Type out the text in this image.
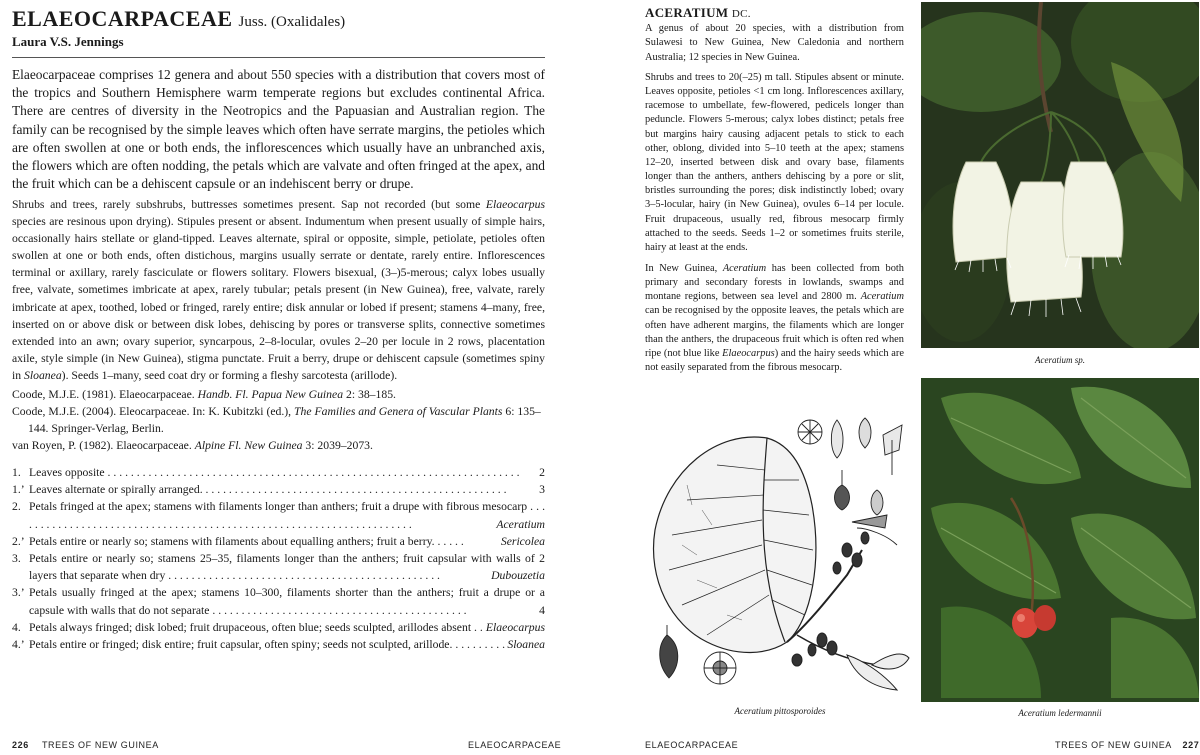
ELAEOCARPACEAE Juss. (Oxalidales)
Laura V.S. Jennings
Elaeocarpaceae comprises 12 genera and about 550 species with a distribution that covers most of the tropics and Southern Hemisphere warm temperate regions but excludes continental Africa. There are centres of diversity in the Neotropics and the Papuasian and Australian region. The family can be recognised by the simple leaves which often have serrate margins, the petioles which are often swollen at one or both ends, the inflorescences which usually have an unbranched axis, the flowers which are often nodding, the petals which are valvate and often fringed at the apex, and the fruit which can be a dehiscent capsule or an indehiscent berry or drupe.
Shrubs and trees, rarely subshrubs, buttresses sometimes present. Sap not recorded (but some Elaeocarpus species are resinous upon drying). Stipules present or absent. Indumentum when present usually of simple hairs, occasionally hairs stellate or gland-tipped. Leaves alternate, spiral or opposite, simple, petiolate, petioles often swollen at one or both ends, often distichous, margins usually serrate or dentate, rarely entire. Inflorescences terminal or axillary, rarely fasciculate or flowers solitary. Flowers bisexual, (3–)5-merous; calyx lobes usually free, valvate, sometimes imbricate at apex, rarely tubular; petals present (in New Guinea), free, valvate, rarely imbricate at apex, toothed, lobed or fringed, rarely entire; disk annular or lobed if present; stamens 4–many, free, inserted on or above disk or between disk lobes, dehiscing by pores or transverse splits, connective sometimes extended into an awn; ovary superior, syncarpous, 2–8-locular, ovules 2–20 per locule in 2 rows, placentation axile, style simple (in New Guinea), stigma punctate. Fruit a berry, drupe or dehiscent capsule (sometimes spiny in Sloanea). Seeds 1–many, seed coat dry or forming a fleshy sarcotesta (arillode).

Coode, M.J.E. (1981). Elaeocarpaceae. Handb. Fl. Papua New Guinea 2: 38–185.

Coode, M.J.E. (2004). Eleocarpaceae. In: K. Kubitzki (ed.), The Families and Genera of Vascular Plants 6: 135–144. Springer-Verlag, Berlin.

van Royen, P. (1982). Elaeocarpaceae. Alpine Fl. New Guinea 3: 2039–2073.

1. Leaves opposite . . . . . . . . . . . . . . . . . . . . . . . . . . . . . . . . . . . . . . . . . . . . . . . . . . . . . . . . . . . . . . . . . . . . . . . 2
1.’ Leaves alternate or spirally arranged. . . . . . . . . . . . . . . . . . . . . . . . . . . . . . . . . . . . . . . . . . . . . . . . . . . . .	3
2. Petals fringed at the apex; stamens with filaments longer than anthers; fruit a drupe with fibrous mesocarp . . . . . . . . . . . . . . . . . . . . . . . . . . . . . . . . . . . . . . . . . . . . . . . . . . . . . . . . . . . . . . . . . . . . .	Aceratium
2.’ Petals entire or nearly so; stamens with filaments about equalling anthers; fruit a berry. . . . . .	Sericolea
3. Petals entire or nearly so; stamens 25–35, filaments longer than the anthers; fruit capsular with walls of 2 layers that separate when dry . . . . . . . . . . . . . . . . . . . . . . . . . . . . . . . . . . . . . . . . . . . . . . .	Dubouzetia
3.’ Petals usually fringed at the apex; stamens 10–300, filaments shorter than the anthers; fruit a drupe or a capsule with walls that do not separate . . . . . . . . . . . . . . . . . . . . . . . . . . . . . . . . . . . . . . . . . . . .	4
4. Petals always fringed; disk lobed; fruit drupaceous, often blue; seeds sculpted, arillodes absent . . Elaeocarpus
4.’ Petals entire or fringed; disk entire; fruit capsular, often spiny; seeds not sculpted, arillode. . . . . . . . . . Sloanea
226 TREES OF NEW GUINEA	ELAEOCARPACEAE
ACERATIUM DC.
A genus of about 20 species, with a distribution from Sulawesi to New Guinea, New Caledonia and northern Australia; 12 species in New Guinea.
Shrubs and trees to 20(–25) m tall. Stipules absent or minute. Leaves opposite, petioles <1 cm long. Inflorescences axillary, racemose to umbellate, few-flowered, pedicels longer than peduncle. Flowers 5-merous; calyx lobes distinct; petals free but margins hairy causing adjacent petals to stick to each other, oblong, divided into 5–10 teeth at the apex; stamens 12–20, inserted between disk and ovary base, filaments longer than the anthers, anthers dehiscing by a pore or slit, bristles surrounding the pores; disk indistinctly lobed; ovary 3–5-locular, hairy (in New Guinea), ovules 6–14 per locule. Fruit drupaceous, usually red, fibrous mesocarp firmly attached to the seeds. Seeds 1–2 or sometimes fruits sterile, hairy at least at the ends.
In New Guinea, Aceratium has been collected from both primary and secondary forests in lowlands, swamps and montane regions, between sea level and 2800 m. Aceratium can be recognised by the opposite leaves, the petals which are often have adherent margins, the filaments which are longer than the anthers, the drupaceous fruit which is often red when ripe (not blue like Elaeocarpus) and the hairy seeds which are not easily separated from the fibrous mesocarp.
Aceratium pittosporoides
Aceratium sp.
Aceratium ledermannii
ELAEOCARPACEAE	TREES OF NEW GUINEA 227
